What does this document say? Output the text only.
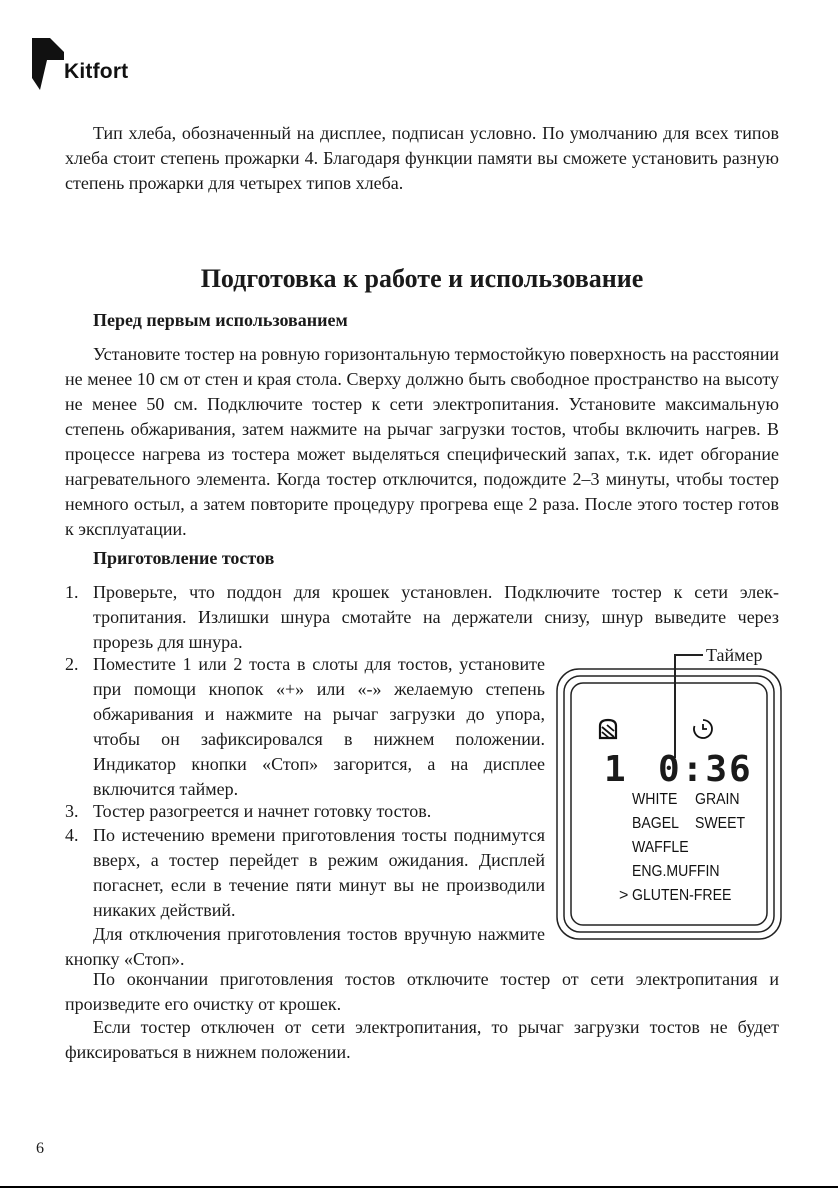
Kitfort

Тип хлеба, обозначенный на дисплее, подписан условно. По умолчанию для всех типов хлеба стоит степень прожарки 4. Благодаря функции памяти вы сможете установить разную степень прожарки для четырех типов хлеба.

Подготовка к работе и использование
Перед первым использованием

Установите тостер на ровную горизонтальную термостойкую поверхность на расстоянии не менее 10 см от стен и края стола. Сверху должно быть свободное пространство на высоту не менее 50 см. Подключите тостер к сети электропитания. Установите максимальную степень обжаривания, затем нажмите на рычаг загрузки тостов, чтобы включить нагрев. В процессе нагрева из тостера может выделяться специфический запах, т.к. идет обгорание нагревательного элемента. Когда тостер отключится, подождите 2–3 минуты, чтобы тостер немного остыл, а затем повторите процедуру прогрева еще 2 раза. После этого тостер готов к эксплуатации.

Приготовление тостов
1. Проверьте, что поддон для крошек установлен. Подключите тостер к сети электропитания. Излишки шнура смотайте на держатели снизу, шнур выведите через прорезь для шнура.
2. Поместите 1 или 2 тоста в слоты для тостов, установите при помощи кнопок «+» или «-» желаемую степень обжаривания и нажмите на рычаг загрузки до упора, чтобы он зафиксировался в нижнем положении. Индикатор кнопки «Стоп» загорится, а на дисплее включится таймер.
3. Тостер разогреется и начнет готовку тостов.
4. По истечению времени приготовления тосты поднимутся вверх, а тостер перейдет в режим ожидания. Дисплей погаснет, если в течение пяти минут вы не производили никаких действий.

Для отключения приготовления тостов вручную нажмите кнопку «Стоп».

По окончании приготовления тостов отключите тостер от сети электропитания и произведите его очистку от крошек.

Если тостер отключен от сети электропитания, то рычаг загрузки тостов не будет фиксироваться в нижнем положении.

Таймер
1 0:36
WHITE GRAIN
BAGEL SWEET
WAFFLE
ENG.MUFFIN
> GLUTEN-FREE
6
